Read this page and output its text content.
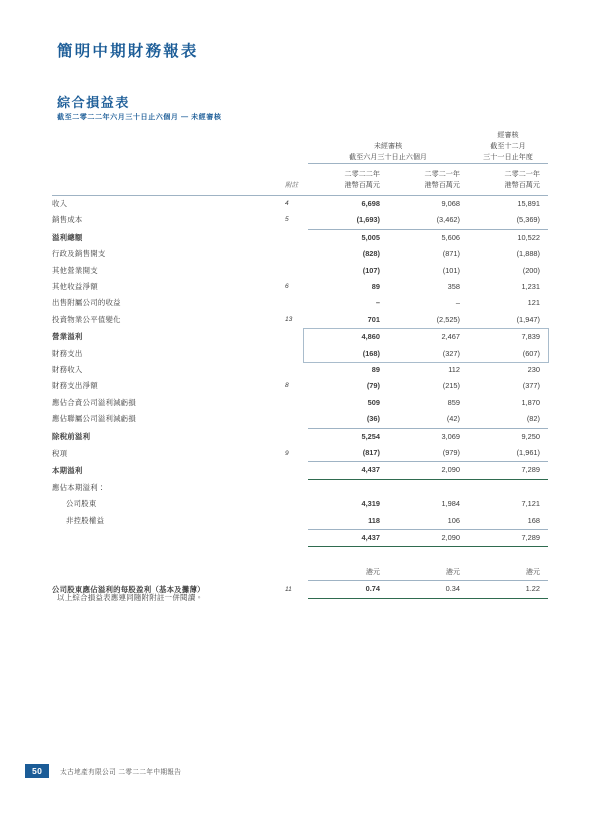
簡明中期財務報表
綜合損益表
截至二零二二年六月三十日止六個月 — 未經審核

未經審核
截至六月三十日止六個月

經審核
截至十二月
三十一日止年度

	附註	
二零二二年
港幣百萬元

二零二一年
港幣百萬元

二零二一年
港幣百萬元

收入	4	6,698	9,068	15,891
銷售成本	5	(1,693)	(3,462)	(5,369)
溢利總額		5,005	5,606	10,522
行政及銷售開支		(828)	(871)	(1,888)
其他營業開支		(107)	(101)	(200)
其他收益淨額	6	89	358	1,231
出售附屬公司的收益		–	–	121
投資物業公平值變化	13	701	(2,525)	(1,947)
營業溢利		4,860	2,467	7,839
財務支出		(168)	(327)	(607)
財務收入		89	112	230
財務支出淨額	8	(79)	(215)	(377)
應佔合資公司溢利減虧損		509	859	1,870
應佔聯屬公司溢利減虧損		(36)	(42)	(82)
除稅前溢利		5,254	3,069	9,250
稅項	9	(817)	(979)	(1,961)
本期溢利		4,437	2,090	7,289
應佔本期溢利：				
公司股東		4,319	1,984	7,121
非控股權益		118	106	168
		4,437	2,090	7,289

		港元	港元	港元
公司股東應佔溢利的每股盈利（基本及攤薄）	11	0.74	0.34	1.22
以上綜合損益表應連同隨附附註一併閱讀。
50	太古地產有限公司 二零二二年中期報告
